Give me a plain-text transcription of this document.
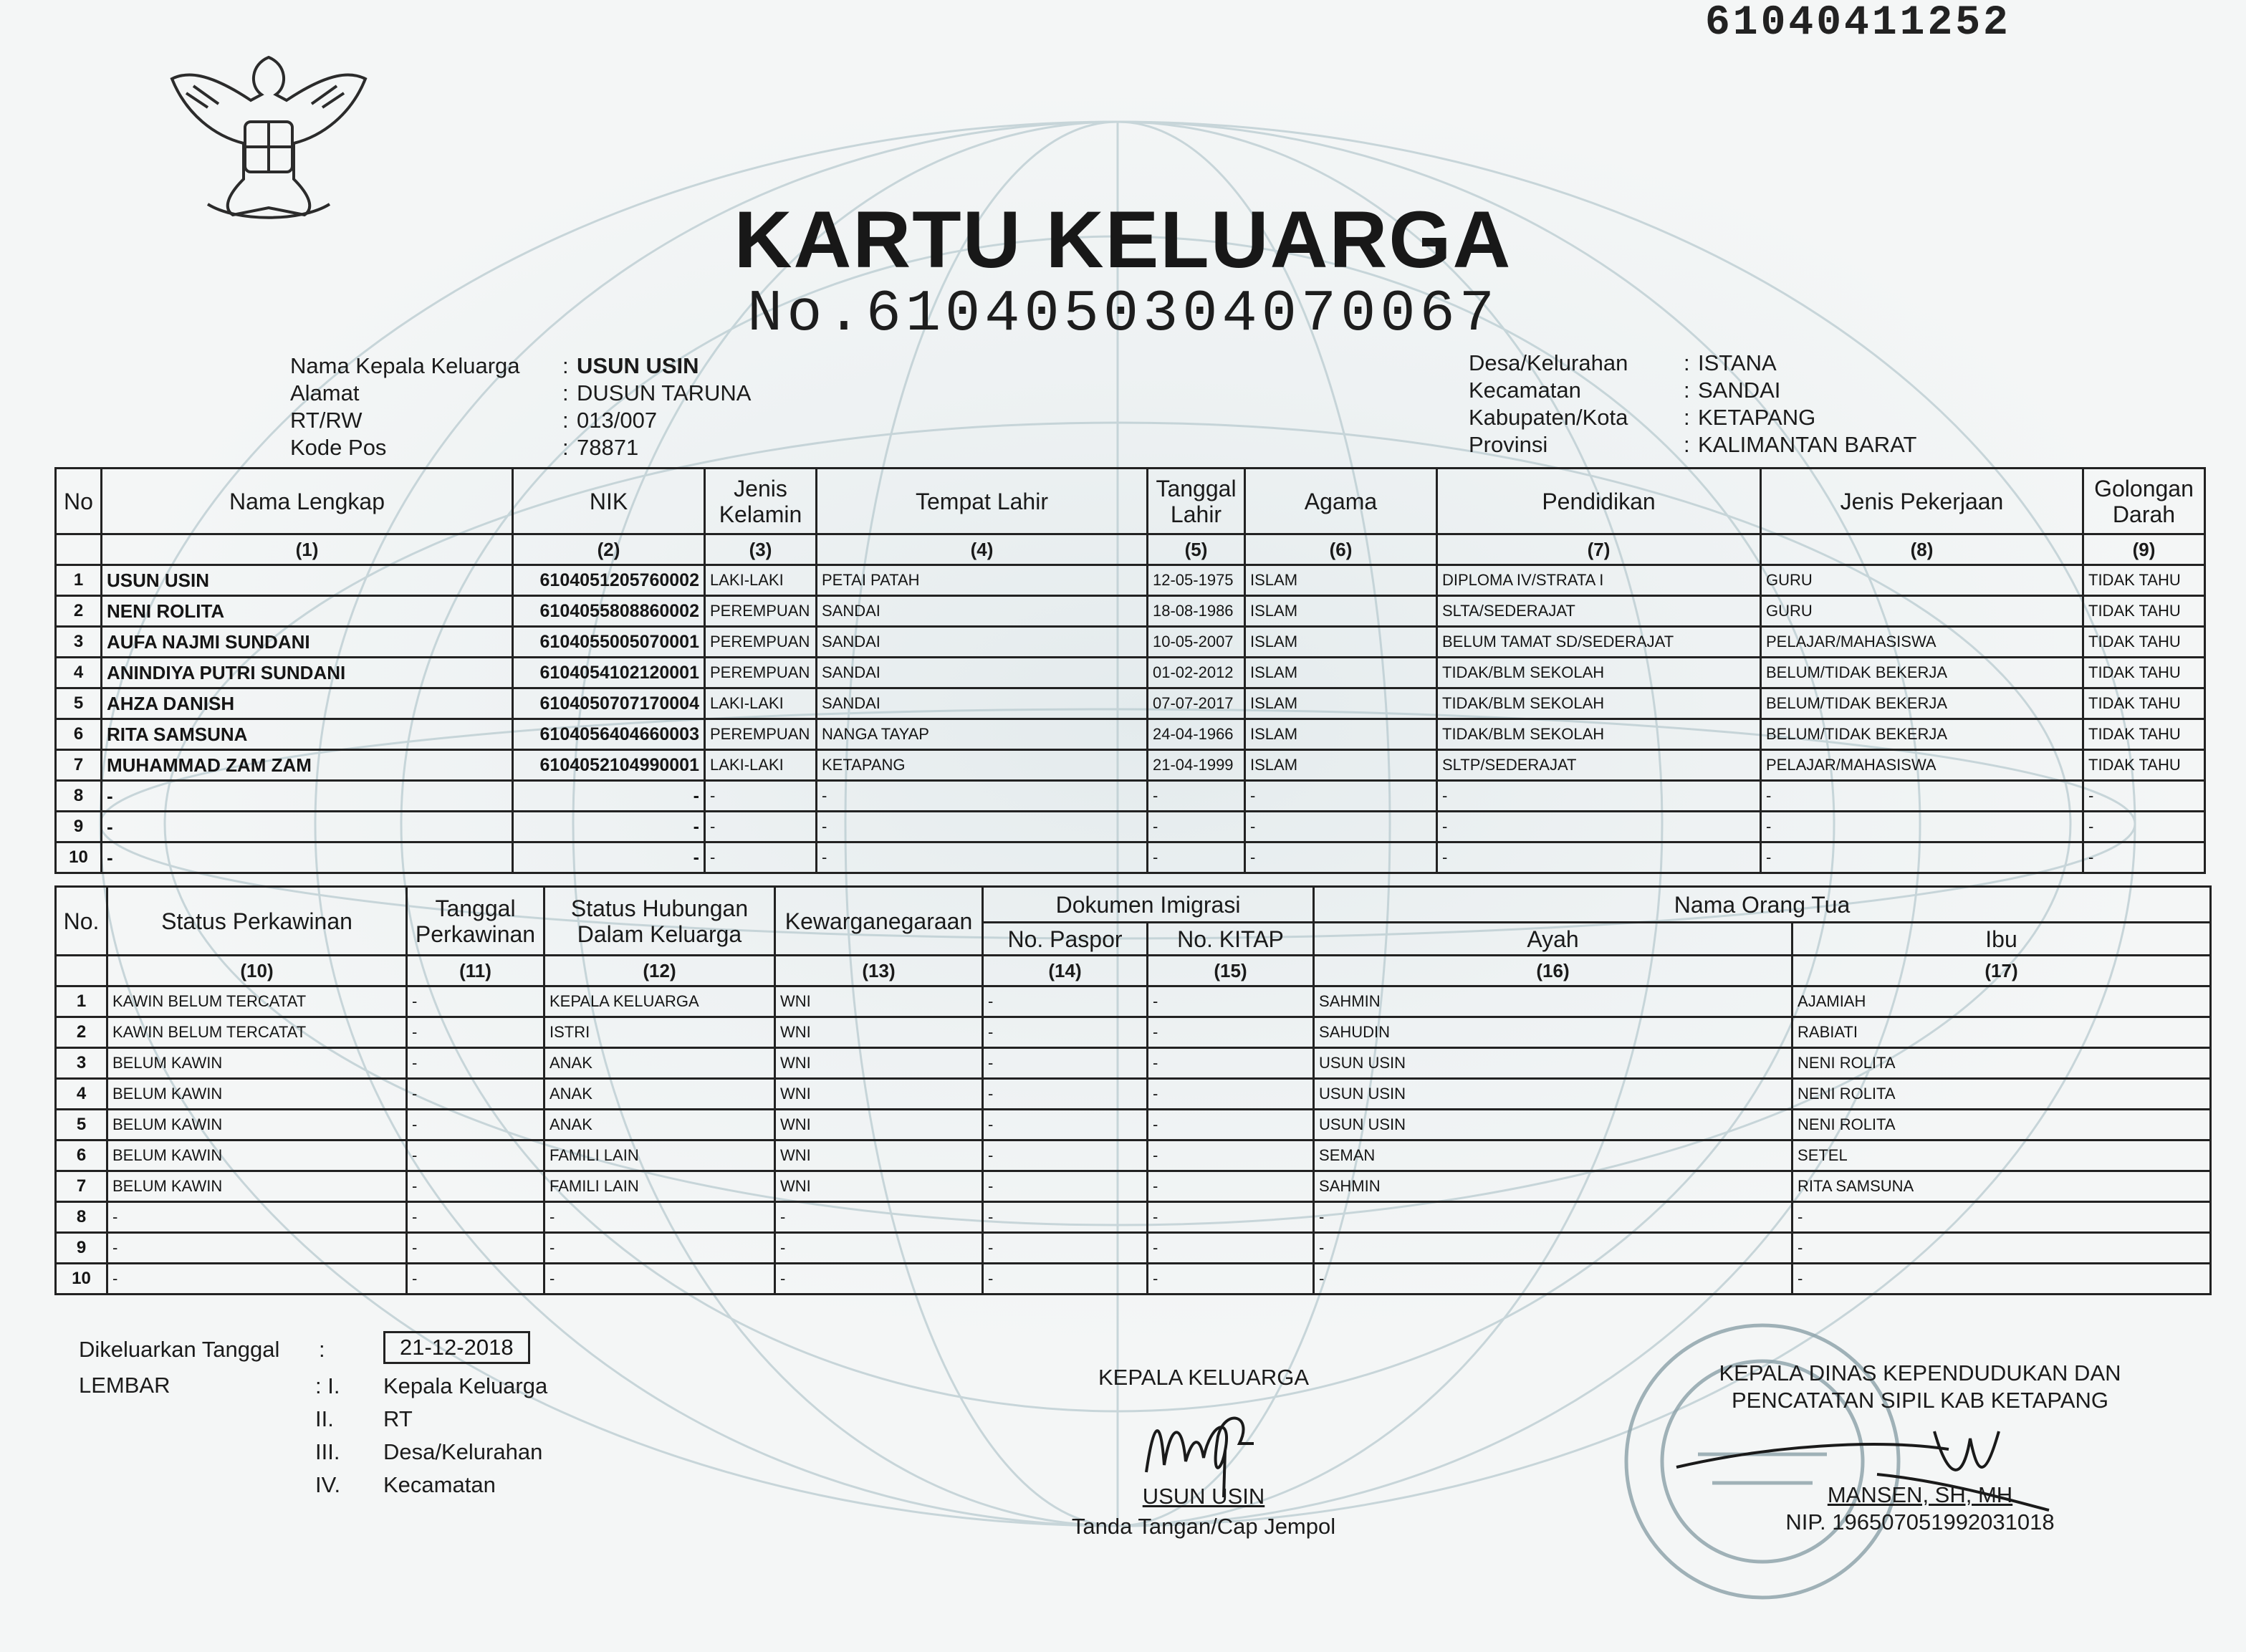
61040411252
KARTU KELUARGA
No.6104050304070067
Nama Kepala Keluarga	: USUN USIN
Alamat	: DUSUN TARUNA
RT/RW	: 013/007
Kode Pos	: 78871
Desa/Kelurahan	: ISTANA
Kecamatan	: SANDAI
Kabupaten/Kota	: KETAPANG
Provinsi	: KALIMANTAN BARAT
No	Nama Lengkap	NIK	Jenis Kelamin	Tempat Lahir	Tanggal Lahir	Agama	Pendidikan	Jenis Pekerjaan	Golongan Darah
	(1)	(2)	(3)	(4)	(5)	(6)	(7)	(8)	(9)
1	USUN USIN	6104051205760002	LAKI-LAKI	PETAI PATAH	12-05-1975	ISLAM	DIPLOMA IV/STRATA I	GURU	TIDAK TAHU
2	NENI ROLITA	6104055808860002	PEREMPUAN	SANDAI	18-08-1986	ISLAM	SLTA/SEDERAJAT	GURU	TIDAK TAHU
3	AUFA NAJMI SUNDANI	6104055005070001	PEREMPUAN	SANDAI	10-05-2007	ISLAM	BELUM TAMAT SD/SEDERAJAT	PELAJAR/MAHASISWA	TIDAK TAHU
4	ANINDIYA PUTRI SUNDANI	6104054102120001	PEREMPUAN	SANDAI	01-02-2012	ISLAM	TIDAK/BLM SEKOLAH	BELUM/TIDAK BEKERJA	TIDAK TAHU
5	AHZA DANISH	6104050707170004	LAKI-LAKI	SANDAI	07-07-2017	ISLAM	TIDAK/BLM SEKOLAH	BELUM/TIDAK BEKERJA	TIDAK TAHU
6	RITA SAMSUNA	6104056404660003	PEREMPUAN	NANGA TAYAP	24-04-1966	ISLAM	TIDAK/BLM SEKOLAH	BELUM/TIDAK BEKERJA	TIDAK TAHU
7	MUHAMMAD ZAM ZAM	6104052104990001	LAKI-LAKI	KETAPANG	21-04-1999	ISLAM	SLTP/SEDERAJAT	PELAJAR/MAHASISWA	TIDAK TAHU
8	-	-	-	-	-	-	-	-	-
9	-	-	-	-	-	-	-	-	-
10	-	-	-	-	-	-	-	-	-
No.	Status Perkawinan	Tanggal Perkawinan	Status Hubungan Dalam Keluarga	Kewarganegaraan	Dokumen Imigrasi		Nama Orang Tua	
					No. Paspor	No. KITAP	Ayah	Ibu
	(10)	(11)	(12)	(13)	(14)	(15)	(16)	(17)
1	KAWIN BELUM TERCATAT	-	KEPALA KELUARGA	WNI	-	-	SAHMIN	AJAMIAH
2	KAWIN BELUM TERCATAT	-	ISTRI	WNI	-	-	SAHUDIN	RABIATI
3	BELUM KAWIN	-	ANAK	WNI	-	-	USUN USIN	NENI ROLITA
4	BELUM KAWIN	-	ANAK	WNI	-	-	USUN USIN	NENI ROLITA
5	BELUM KAWIN	-	ANAK	WNI	-	-	USUN USIN	NENI ROLITA
6	BELUM KAWIN	-	FAMILI LAIN	WNI	-	-	SEMAN	SETEL
7	BELUM KAWIN	-	FAMILI LAIN	WNI	-	-	SAHMIN	RITA SAMSUNA
8	-	-	-	-	-	-	-	-
9	-	-	-	-	-	-	-	-
10	-	-	-	-	-	-	-	-
Dikeluarkan Tanggal :	21-12-2018
LEMBAR	: I.	Kepala Keluarga
II.	RT
III.	Desa/Kelurahan
IV.	Kecamatan
KEPALA KELUARGA
USUN USIN
Tanda Tangan/Cap Jempol
KEPALA DINAS KEPENDUDUKAN DAN
PENCATATAN SIPIL KAB KETAPANG
MANSEN, SH, MH
NIP. 196507051992031018
